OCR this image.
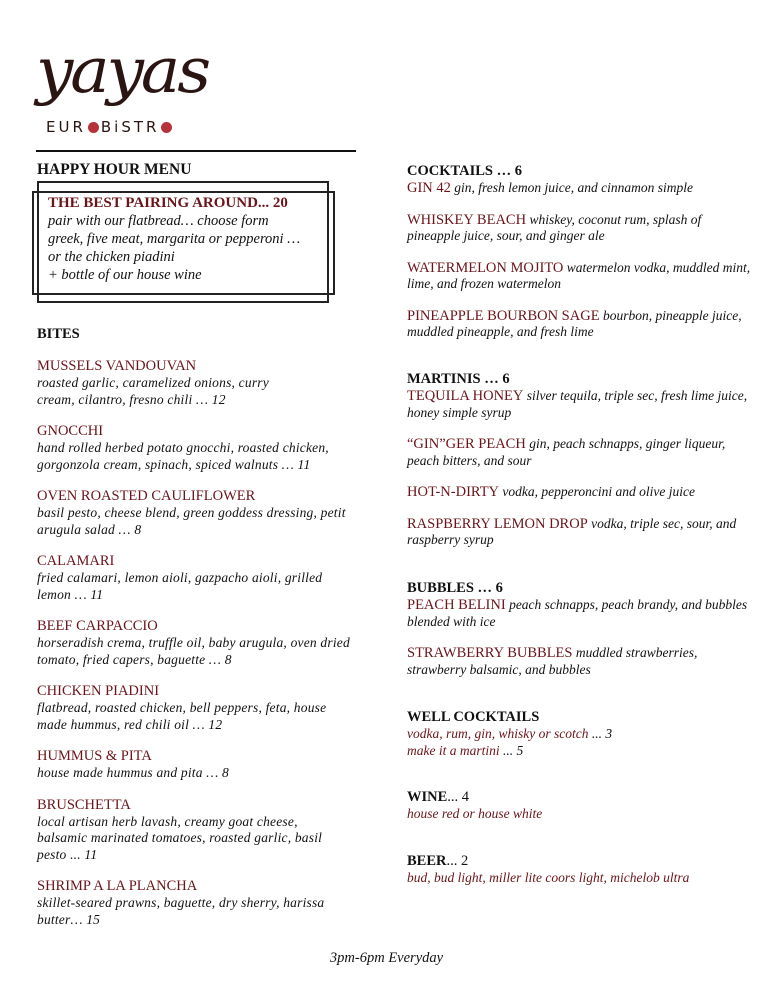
yayas
EUR BiSTR
HAPPY HOUR MENU
THE BEST PAIRING AROUND... 20
pair with our flatbread… choose form
greek, five meat, margarita or pepperoni …
or the chicken piadini
+ bottle of our house wine
BITES
MUSSELS VANDOUVAN
roasted garlic, caramelized onions, curry
cream, cilantro, fresno chili … 12
GNOCCHI
hand rolled herbed potato gnocchi, roasted chicken,
gorgonzola cream, spinach, spiced walnuts … 11
OVEN ROASTED CAULIFLOWER
basil pesto, cheese blend, green goddess dressing, petit
arugula salad … 8
CALAMARI
fried calamari, lemon aioli, gazpacho aioli, grilled
lemon … 11
BEEF CARPACCIO
horseradish crema, truffle oil, baby arugula, oven dried
tomato, fried capers, baguette … 8
CHICKEN PIADINI
flatbread, roasted chicken, bell peppers, feta, house
made hummus, red chili oil … 12
HUMMUS & PITA
house made hummus and pita … 8
BRUSCHETTA
local artisan herb lavash, creamy goat cheese,
balsamic marinated tomatoes, roasted garlic, basil
pesto ... 11
SHRIMP A LA PLANCHA
skillet-seared prawns, baguette, dry sherry, harissa
butter… 15
COCKTAILS … 6
GIN 42 gin, fresh lemon juice, and cinnamon simple
WHISKEY BEACH whiskey, coconut rum, splash of pineapple juice, sour, and ginger ale
WATERMELON MOJITO watermelon vodka, muddled mint, lime, and frozen watermelon
PINEAPPLE BOURBON SAGE bourbon, pineapple juice, muddled pineapple, and fresh lime
MARTINIS … 6
TEQUILA HONEY silver tequila, triple sec, fresh lime juice, honey simple syrup
“GIN”GER PEACH gin, peach schnapps, ginger liqueur, peach bitters, and sour
HOT-N-DIRTY vodka, pepperoncini and olive juice
RASPBERRY LEMON DROP vodka, triple sec, sour, and raspberry syrup
BUBBLES … 6
PEACH BELINI peach schnapps, peach brandy, and bubbles blended with ice
STRAWBERRY BUBBLES muddled strawberries, strawberry balsamic, and bubbles
WELL COCKTAILS
vodka, rum, gin, whisky or scotch ... 3
make it a martini ... 5
WINE... 4
house red or house white
BEER... 2
bud, bud light, miller lite coors light, michelob ultra
3pm-6pm Everyday
